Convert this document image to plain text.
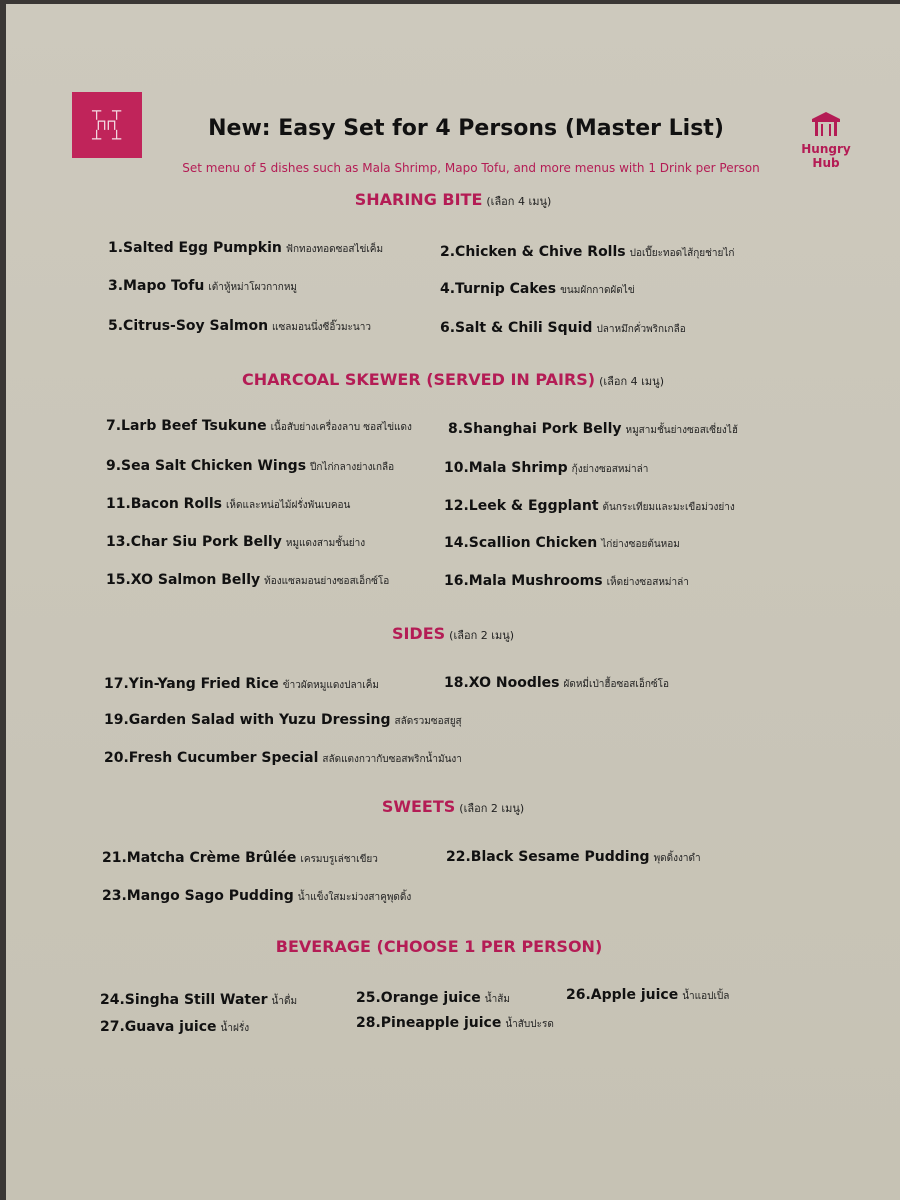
┬ ┬
⊓⊓
┴ ┴	New: Easy Set for 4 Persons (Master List)
Hungry
Hub
Set menu of 5 dishes such as Mala Shrimp, Mapo Tofu, and more menus with 1 Drink per Person
SHARING BITE (เลือก 4 เมนู)
1.Salted Egg Pumpkin ฟักทองทอดซอสไข่เค็ม	2.Chicken & Chive Rolls ปอเปี๊ยะทอดไส้กุยช่ายไก่
3.Mapo Tofu เต้าหู้หม่าโผวกากหมู	4.Turnip Cakes ขนมผักกาดผัดไข่
5.Citrus-Soy Salmon แซลมอนนึ่งซีอิ๊วมะนาว	6.Salt & Chili Squid ปลาหมึกคั่วพริกเกลือ
CHARCOAL SKEWER (SERVED IN PAIRS) (เลือก 4 เมนู)
7.Larb Beef Tsukune เนื้อสับย่างเครื่องลาบ ซอสไข่แดง	8.Shanghai Pork Belly หมูสามชั้นย่างซอสเซี่ยงไฮ้
9.Sea Salt Chicken Wings ปีกไก่กลางย่างเกลือ	10.Mala Shrimp กุ้งย่างซอสหม่าล่า
11.Bacon Rolls เห็ดและหน่อไม้ฝรั่งพันเบคอน	12.Leek & Eggplant ต้นกระเทียมและมะเขือม่วงย่าง
13.Char Siu Pork Belly หมูแดงสามชั้นย่าง	14.Scallion Chicken ไก่ย่างซอยต้นหอม
15.XO Salmon Belly ท้องแซลมอนย่างซอสเอ็กซ์โอ	16.Mala Mushrooms เห็ดย่างซอสหม่าล่า
SIDES (เลือก 2 เมนู)
17.Yin-Yang Fried Rice ข้าวผัดหมูแดงปลาเค็ม	18.XO Noodles ผัดหมี่เป่าฮื้อซอสเอ็กซ์โอ
19.Garden Salad with Yuzu Dressing สลัดรวมซอสยูสุ
20.Fresh Cucumber Special สลัดแตงกวากับซอสพริกน้ำมันงา
SWEETS (เลือก 2 เมนู)
21.Matcha Crème Brûlée เครมบรูเล่ชาเขียว	22.Black Sesame Pudding พุดดิ้งงาดำ
23.Mango Sago Pudding น้ำแข็งใสมะม่วงสาคูพุดดิ้ง
BEVERAGE (CHOOSE 1 PER PERSON)
24.Singha Still Water น้ำดื่ม	25.Orange juice น้ำส้ม	26.Apple juice น้ำแอปเปิ้ล
27.Guava juice น้ำฝรั่ง	28.Pineapple juice น้ำสับปะรด
